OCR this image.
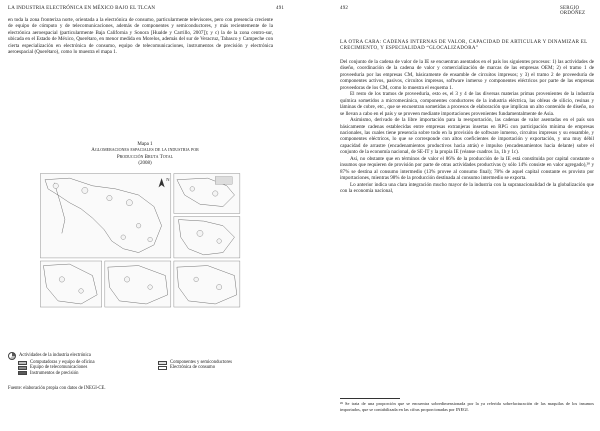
LA INDUSTRIA ELECTRÓNICA EN MÉXICO BAJO EL TLCAN	491
en toda la zona fronteriza norte, orientada a la electrónica de consumo, particularmente televisores, pero con presencia creciente de equipo de cómputo y de telecomunicaciones, además de componentes y semiconductores, y más recientemente de la electrónica aeroespacial (particularmente Baja California y Sonora [Hualde y Carrillo, 2007]); y c) la de la zona centro-sur, ubicada en el Estado de México, Querétaro, en menor medida en Morelos, además del sur de Veracruz, Tabasco y Campeche con cierta especialización en electrónica de consumo, equipo de telecomunicaciones, instrumentos de precisión y electrónica aeroespacial (Querétaro), como lo muestra el mapa 1.
Mapa 1
Aglomeraciones espaciales de la industria por
Producción Bruta Total
(2008)
N
Actividades de la industria electrónica
Computadoras y equipo de oficina	Componentes y semiconductores
Equipo de telecomunicaciones	Electrónica de consumo
Instrumentos de precisión
Fuente: elaboración propia con datos de INEGI-CE.
492	SERGIO ORDÓÑEZ
LA OTRA CARA: CADENAS INTERNAS DE VALOR, CAPACIDAD DE ARTICULAR Y DINAMIZAR EL CRECIMIENTO, Y ESPECIALIDAD “GLOCALIZADORA”
Del conjunto de la cadena de valor de la IE se encuentran asentados en el país los siguientes procesos: 1) las actividades de diseño, coordinación de la cadena de valor y comercialización de marcas de las empresas OEM; 2) el tramo 1 de proveeduría por las empresas CM, básicamente de ensamble de circuitos impresos; y 3) el tramo 2 de proveeduría de componentes activos, pasivos, circuitos impresos, software inmerso y componentes eléctricos por parte de las empresas proveedoras de los CM, como lo muestra el esquema 1.
El resto de los tramos de proveeduría, esto es, el 3 y 4 de las diversas materias primas provenientes de la industria química sometidos a micromecánica, componentes conductores de la industria eléctrica, las obleas de silicio, resinas y láminas de cobre, etc., que se encuentran sometidas a procesos de elaboración que implican un alto contenido de diseño, no se llevan a cabo en el país y se proveen mediante importaciones provenientes fundamentalmente de Asia.
Asimismo, derivado de la libre importación para la reexportación, las cadenas de valor asentadas en el país son básicamente cadenas establecidas entre empresas extranjeras insertas en RPG con participación mínima de empresas nacionales, las cuales tiene presencia sobre todo en la provisión de software inmerso, circuitos impresos y su ensamble, y componentes eléctricos, lo que se corresponde con altos coeficientes de importación y exportación, y una muy débil capacidad de arrastre (encadenamientos productivos hacia atrás) e impulso (encadenamientos hacia delante) sobre el conjunto de la economía nacional, de SE-IT y la propia IE (véanse cuadros 1a, 1b y 1c).
Así, no obstante que en términos de valor el 86% de la producción de la IE está constituida por capital constante o insumos que requieren de provisión por parte de otras actividades productivas (y sólo 14% consiste en valor agregado),²⁸ y 87% se destina al consumo intermedio (13% provee al consumo final); 78% de aquel capital constante es provisto por importaciones, mientras 98% de la producción destinada al consumo intermedio se exporta.
Lo anterior indica una clara integración mucho mayor de la industria con la supranacionalidad de la globalización que con la economía nacional,
²⁸ Se trata de una proporción que se encuentra sobredimensionada por la ya referida sobrefacturación de las maquilas de los insumos importados, que se contabilizada en las cifras proporcionadas por INEGI.
